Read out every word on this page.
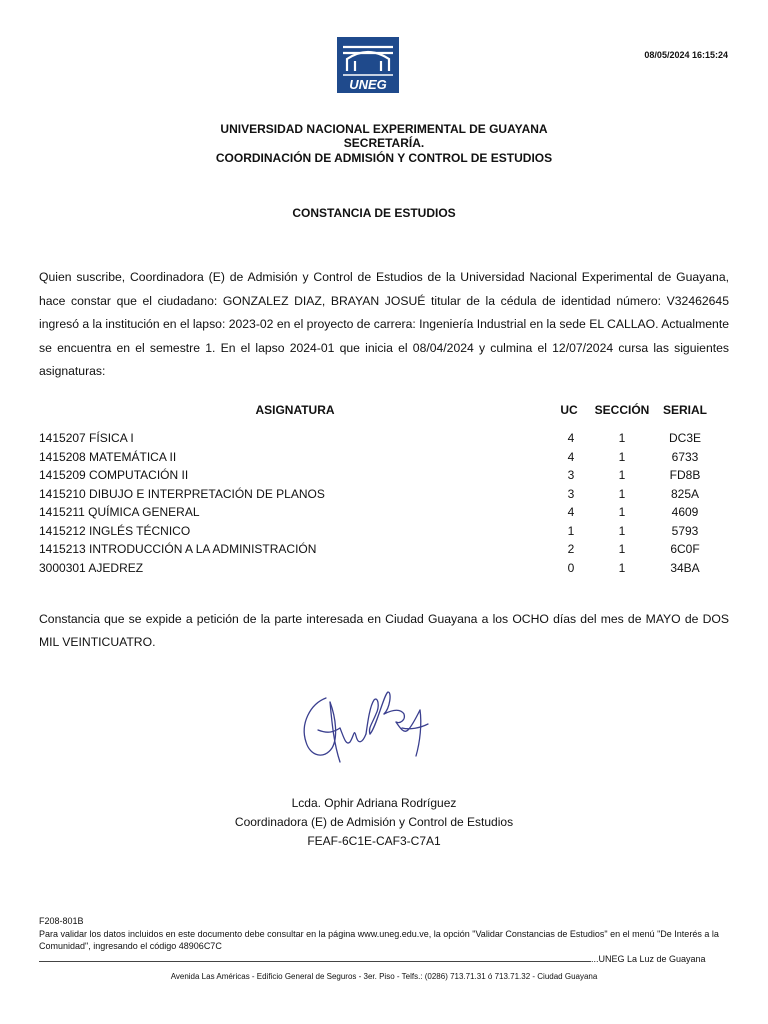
08/05/2024 16:15:24
UNEG
UNIVERSIDAD NACIONAL EXPERIMENTAL DE GUAYANA
SECRETARÍA.
COORDINACIÓN DE ADMISIÓN Y CONTROL DE ESTUDIOS
CONSTANCIA DE ESTUDIOS
Quien suscribe, Coordinadora (E) de Admisión y Control de Estudios de la Universidad Nacional Experimental de Guayana, hace constar que el ciudadano: GONZALEZ DIAZ, BRAYAN JOSUÉ titular de la cédula de identidad número: V32462645 ingresó a la institución en el lapso: 2023-02 en el proyecto de carrera: Ingeniería Industrial en la sede EL CALLAO. Actualmente se encuentra en el semestre 1. En el lapso 2024-01 que inicia el 08/04/2024 y culmina el 12/07/2024 cursa las siguientes asignaturas:
ASIGNATURA	UC	SECCIÓN	SERIAL
1415207 FÍSICA I	4	1	DC3E
1415208 MATEMÁTICA II	4	1	6733
1415209 COMPUTACIÓN II	3	1	FD8B
1415210 DIBUJO E INTERPRETACIÓN DE PLANOS	3	1	825A
1415211 QUÍMICA GENERAL	4	1	4609
1415212 INGLÉS TÉCNICO	1	1	5793
1415213 INTRODUCCIÓN A LA ADMINISTRACIÓN	2	1	6C0F
3000301 AJEDREZ	0	1	34BA
Constancia que se expide a petición de la parte interesada en Ciudad Guayana a los OCHO días del mes de MAYO de DOS MIL VEINTICUATRO.
Lcda. Ophir Adriana Rodríguez
Coordinadora (E) de Admisión y Control de Estudios
FEAF-6C1E-CAF3-C7A1
F208-801B
Para validar los datos incluidos en este documento debe consultar en la página www.uneg.edu.ve, la opción "Validar Constancias de Estudios" en el menú "De Interés a la Comunidad", ingresando el código 48906C7C
...UNEG La Luz de Guayana
Avenida Las Américas - Edificio General de Seguros - 3er. Piso - Telfs.: (0286) 713.71.31 ó 713.71.32 - Ciudad Guayana
